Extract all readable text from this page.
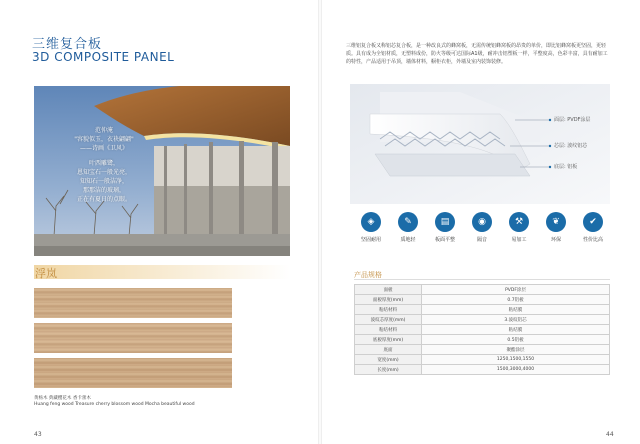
三维复合板
3D COMPOSITE PANEL
范仲淹
"容貌似玉，衣袂翩翩"
——诗画《卫风》
叶西雕鹭，
恩知宝石一般光亮，
知知石一般洁净，
那那洁的玻璃，
正在有夏日的点眼。
浮岚
黄杨木 典藏樱花木 香卡蕾木
Huang feng wood Treasure cherry blossom wood Mocha beautiful wood
43
三维铝复合板又称铝芯复合板，是一种改良式的蜂窝板，无需传统铝蜂窝板的昂贵的单价，即比铝蜂窝板更坚固，更轻质。具有成为全铝材质，无塑料成份，防火等级可达国际A1级，耐冲击铝塑板一样，平整度高，色彩丰富，具有耐加工的特性，产品适用于吊顶，墙体材料，橱柜衣柜，外墙及室内装饰装修。
面层: PVDF涂层
芯层: 波纹铝芯
底层: 铝板
◈
坚固耐用
✎
质地轻
▤
板面平整
◉
隔音
⚒
易加工
❦
环保
✔
性价比高
产品规格
面板	PVDF涂层
面板厚度(mm)	0.7铝板
粘结材料	粘结膜
波纹芯厚度(mm)	3.波纹铝芯
粘结材料	粘结膜
底板厚度(mm)	0.5铝板
底面	聚酯涂层
宽度(mm)	1250,1500,1550
长度(mm)	1500,3000,4000
44
